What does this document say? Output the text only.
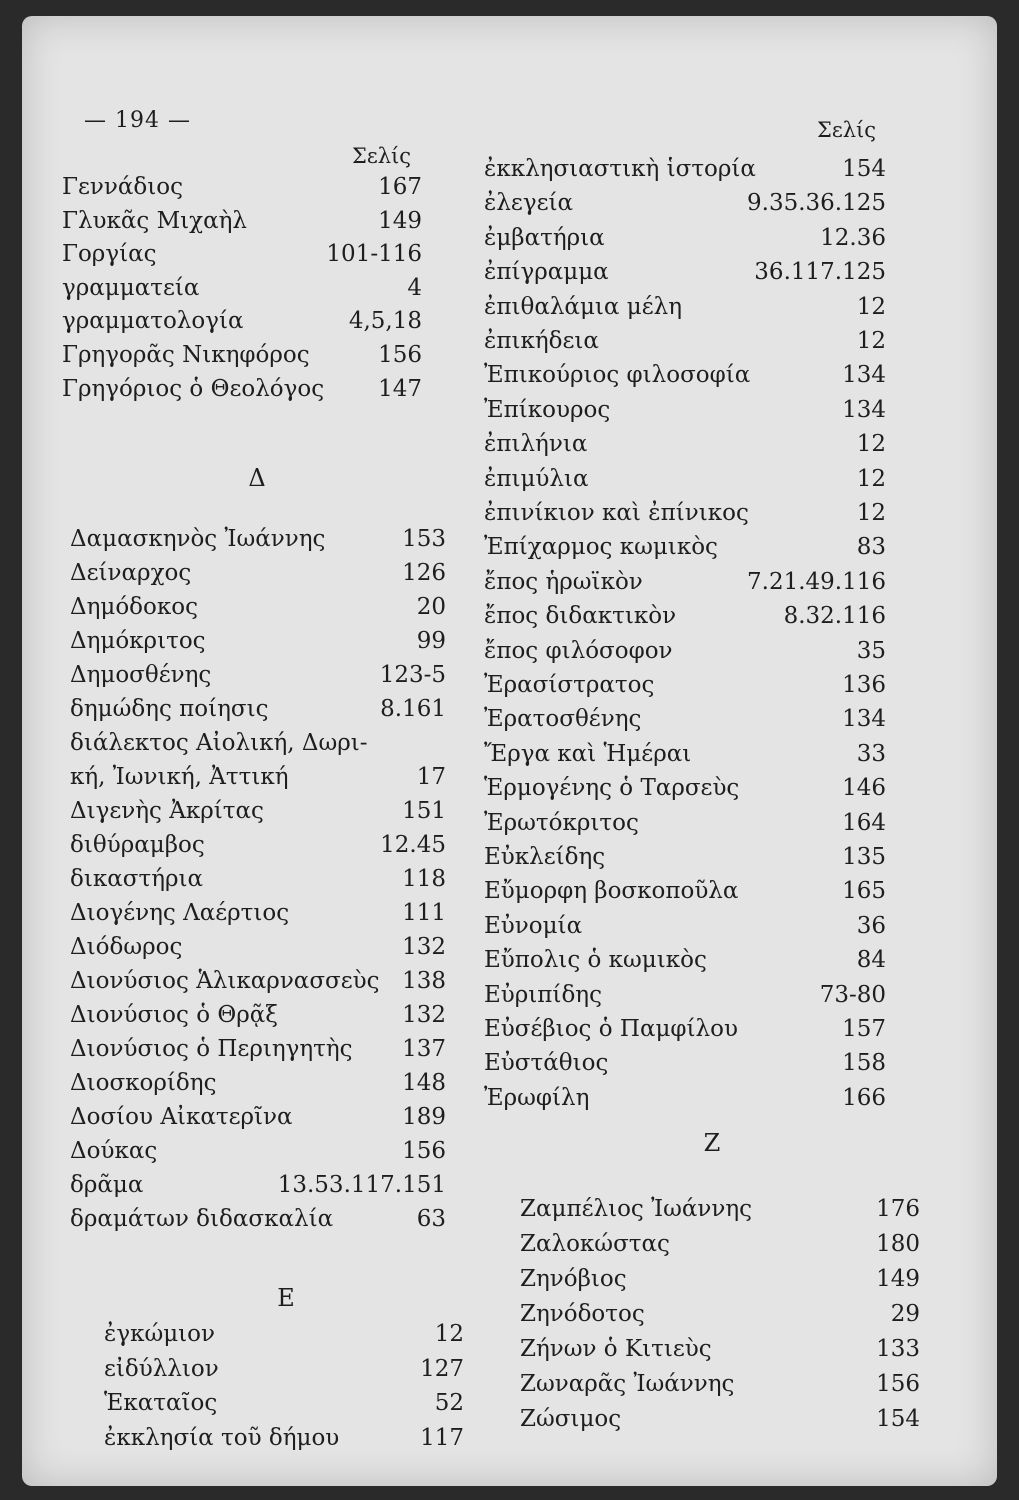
— 194 —
Σελίς
Σελίς
Γεννάδιος	167
Γλυκᾶς Μιχαὴλ	149
Γοργίας	101-116
γραμματεία	4
γραμματολογία	4,5,18
Γρηγορᾶς Νικηφόρος	156
Γρηγόριος ὁ Θεολόγος 147
Δ
Δαμασκηνὸς Ἰωάννης	153
Δείναρχος	126
Δημόδοκος	20
Δημόκριτος	99
Δημοσθένης	123-5
δημώδης ποίησις	8.161
διάλεκτος Αἰολική, Δωρι-
κή, Ἰωνική, Ἀττική	17
Διγενὴς Ἀκρίτας	151
διθύραμβος	12.45
δικαστήρια	118
Διογένης Λαέρτιος	111
Διόδωρος	132
Διονύσιος Ἁλικαρνασσεὺς 138
Διονύσιος ὁ Θρᾷξ	132
Διονύσιος ὁ Περιηγητὴς 137
Διοσκορίδης	148
Δοσίου Αἰκατερῖνα	189
Δούκας	156
δρᾶμα	13.53.117.151
δραμάτων διδασκαλία	63
Ε
ἐγκώμιον	12
εἰδύλλιον	127
Ἑκαταῖος	52
ἐκκλησία τοῦ δήμου	117
ἐκκλησιαστικὴ ἱστορία	154
ἐλεγεία	9.35.36.125
ἐμβατήρια	12.36
ἐπίγραμμα	36.117.125
ἐπιθαλάμια μέλη	12
ἐπικήδεια	12
Ἐπικούριος φιλοσοφία	134
Ἐπίκουρος	134
ἐπιλήνια	12
ἐπιμύλια	12
ἐπινίκιον καὶ ἐπίνικος	12
Ἐπίχαρμος κωμικὸς	83
ἔπος ἡρωϊκὸν	7.21.49.116
ἔπος διδακτικὸν	8.32.116
ἔπος φιλόσοφον	35
Ἐρασίστρατος	136
Ἐρατοσθένης	134
Ἔργα καὶ Ἡμέραι	33
Ἑρμογένης ὁ Ταρσεὺς	146
Ἐρωτόκριτος	164
Εὐκλείδης	135
Εὔμορφη βοσκοποῦλα	165
Εὐνομία	36
Εὔπολις ὁ κωμικὸς	84
Εὐριπίδης	73-80
Εὐσέβιος ὁ Παμφίλου	157
Εὐστάθιος	158
Ἐρωφίλη	166
Ζ
Ζαμπέλιος Ἰωάννης	176
Ζαλοκώστας	180
Ζηνόβιος	149
Ζηνόδοτος	29
Ζήνων ὁ Κιτιεὺς	133
Ζωναρᾶς Ἰωάννης	156
Ζώσιμος	154
